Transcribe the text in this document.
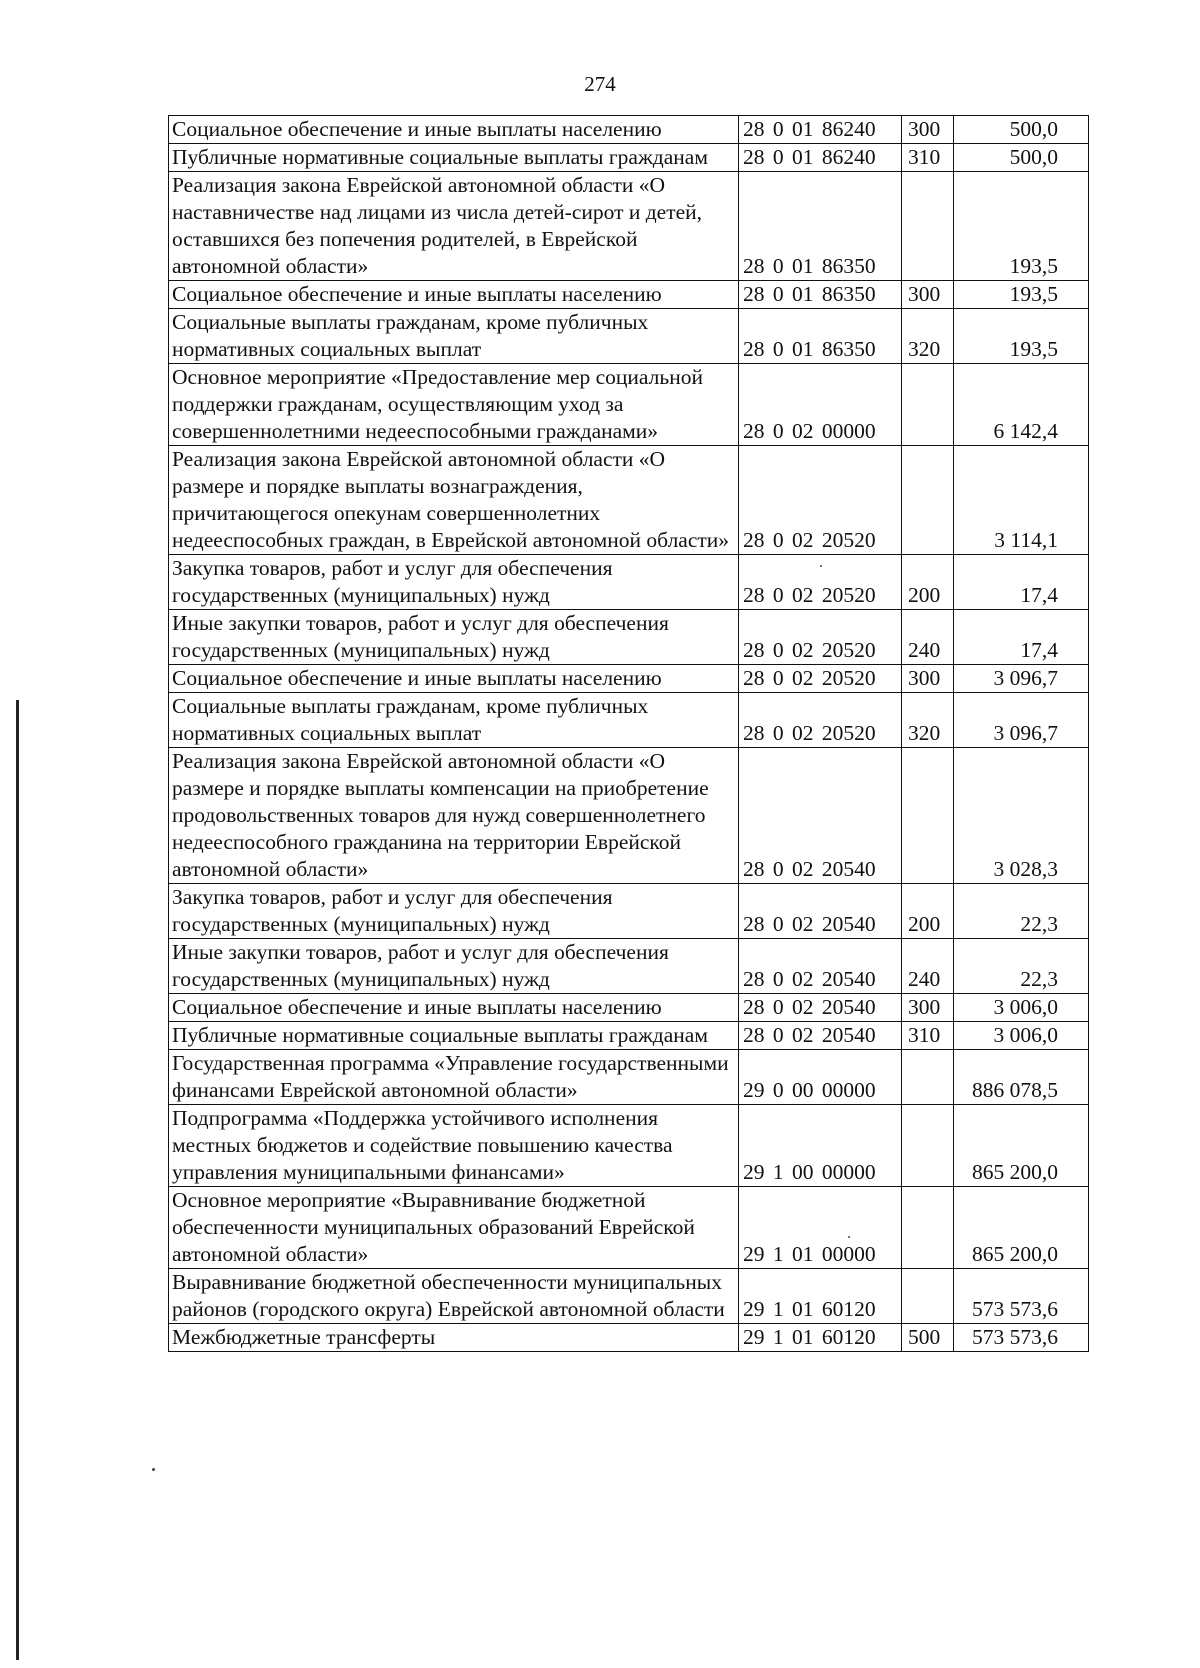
274
Социальное обеспечение и иные выплаты населению	28 0 01 86240	300	500,0
Публичные нормативные социальные выплаты гражданам	28 0 01 86240	310	500,0
Реализация закона Еврейской автономной области «О наставничестве над лицами из числа детей-сирот и детей, оставшихся без попечения родителей, в Еврейской автономной области»	28 0 01 86350		193,5
Социальное обеспечение и иные выплаты населению	28 0 01 86350	300	193,5
Социальные выплаты гражданам, кроме публичных нормативных социальных выплат	28 0 01 86350	320	193,5
Основное мероприятие «Предоставление мер социальной поддержки гражданам, осуществляющим уход за совершеннолетними недееспособными гражданами»	28 0 02 00000		6 142,4
Реализация закона Еврейской автономной области «О размере и порядке выплаты вознаграждения, причитающегося опекунам совершеннолетних недееспособных граждан, в Еврейской автономной области»	28 0 02 20520		3 114,1
Закупка товаров, работ и услуг для обеспечения государственных (муниципальных) нужд	28 0 02 20520	200	17,4
Иные закупки товаров, работ и услуг для обеспечения государственных (муниципальных) нужд	28 0 02 20520	240	17,4
Социальное обеспечение и иные выплаты населению	28 0 02 20520	300	3 096,7
Социальные выплаты гражданам, кроме публичных нормативных социальных выплат	28 0 02 20520	320	3 096,7
Реализация закона Еврейской автономной области «О размере и порядке выплаты компенсации на приобретение продовольственных товаров для нужд совершеннолетнего недееспособного гражданина на территории Еврейской автономной области»	28 0 02 20540		3 028,3
Закупка товаров, работ и услуг для обеспечения государственных (муниципальных) нужд	28 0 02 20540	200	22,3
Иные закупки товаров, работ и услуг для обеспечения государственных (муниципальных) нужд	28 0 02 20540	240	22,3
Социальное обеспечение и иные выплаты населению	28 0 02 20540	300	3 006,0
Публичные нормативные социальные выплаты гражданам	28 0 02 20540	310	3 006,0
Государственная программа «Управление государственными финансами Еврейской автономной области»	29 0 00 00000		886 078,5
Подпрограмма «Поддержка устойчивого исполнения местных бюджетов и содействие повышению качества управления муниципальными финансами»	29 1 00 00000		865 200,0
Основное мероприятие «Выравнивание бюджетной обеспеченности муниципальных образований Еврейской автономной области»	29 1 01 00000		865 200,0
Выравнивание бюджетной обеспеченности муниципальных районов (городского округа) Еврейской автономной области	29 1 01 60120		573 573,6
Межбюджетные трансферты	29 1 01 60120	500	573 573,6
